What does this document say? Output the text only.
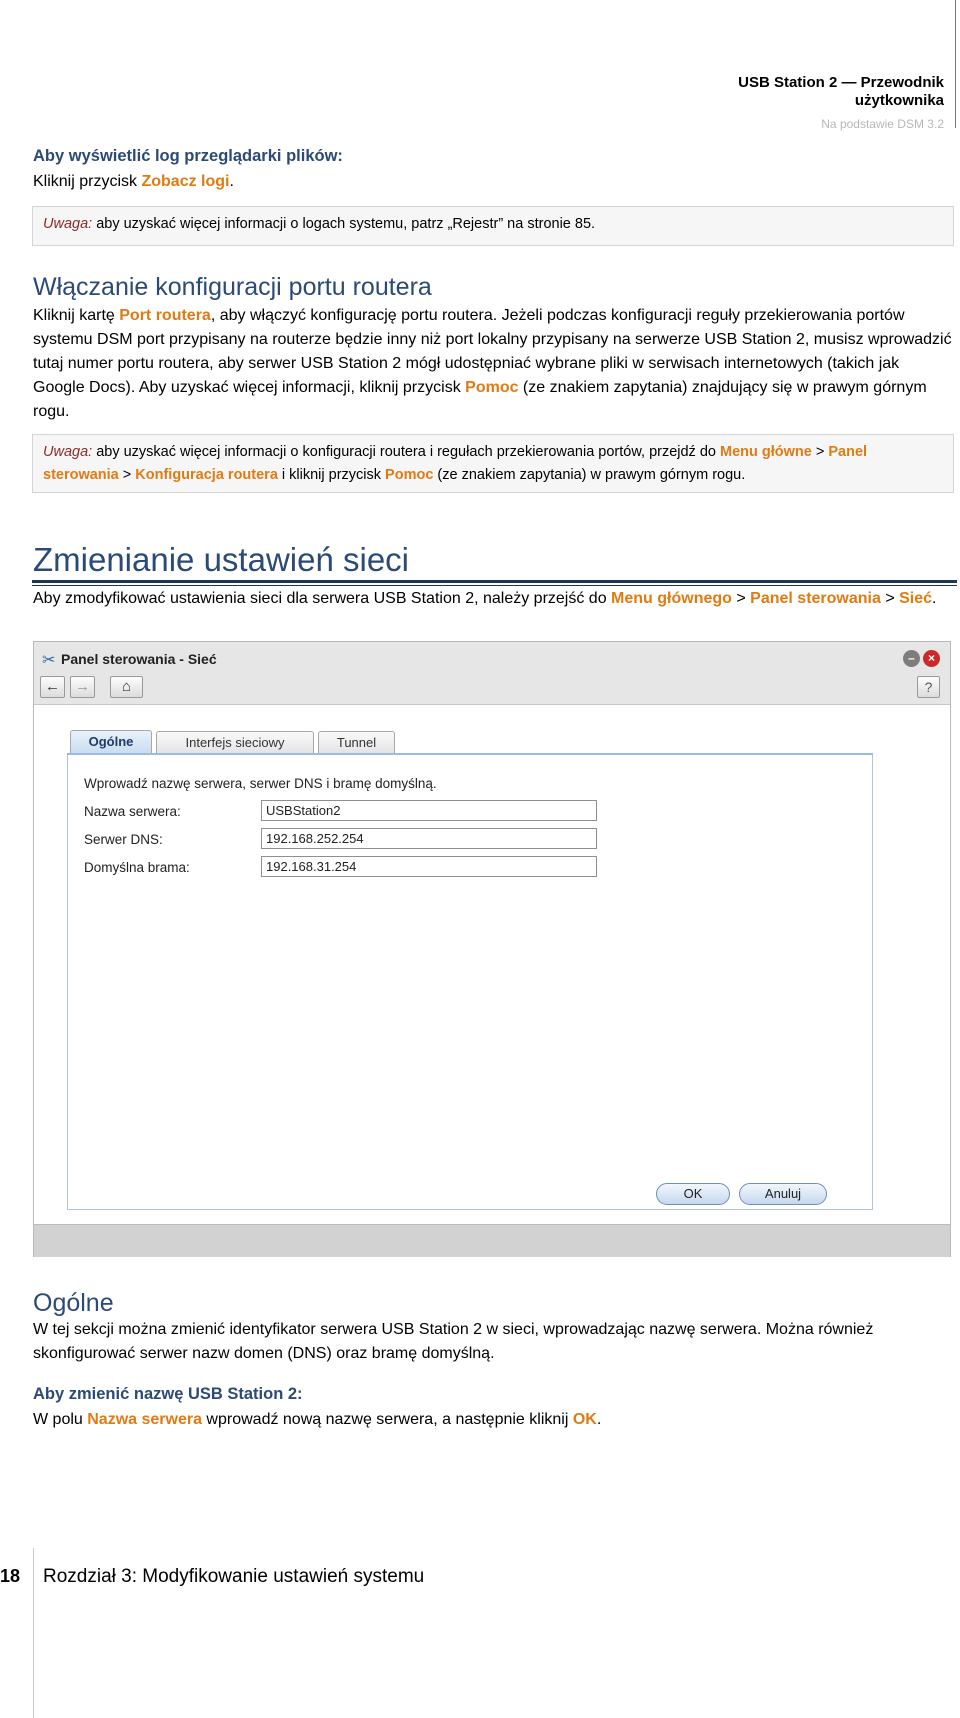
USB Station 2 — Przewodnik użytkownika
Na podstawie DSM 3.2
Aby wyświetlić log przeglądarki plików:
Kliknij przycisk Zobacz logi.
Uwaga: aby uzyskać więcej informacji o logach systemu, patrz „Rejestr” na stronie 85.
Włączanie konfiguracji portu routera
Kliknij kartę Port routera, aby włączyć konfigurację portu routera. Jeżeli podczas konfiguracji reguły przekierowania portów systemu DSM port przypisany na routerze będzie inny niż port lokalny przypisany na serwerze USB Station 2, musisz wprowadzić tutaj numer portu routera, aby serwer USB Station 2 mógł udostępniać wybrane pliki w serwisach internetowych (takich jak Google Docs). Aby uzyskać więcej informacji, kliknij przycisk Pomoc (ze znakiem zapytania) znajdujący się w prawym górnym rogu.
Uwaga: aby uzyskać więcej informacji o konfiguracji routera i regułach przekierowania portów, przejdź do Menu główne > Panel sterowania > Konfiguracja routera i kliknij przycisk Pomoc (ze znakiem zapytania) w prawym górnym rogu.
Zmienianie ustawień sieci
Aby zmodyfikować ustawienia sieci dla serwera USB Station 2, należy przejść do Menu głównego > Panel sterowania > Sieć.
✂ Panel sterowania - Sieć	–	×
←	→	⌂	?
Ogólne	Interfejs sieciowy	Tunnel
Wprowadź nazwę serwera, serwer DNS i bramę domyślną.
Nazwa serwera:	USBStation2
Serwer DNS:	192.168.252.254
Domyślna brama:	192.168.31.254
OK	Anuluj
Ogólne
W tej sekcji można zmienić identyfikator serwera USB Station 2 w sieci, wprowadzając nazwę serwera. Można również skonfigurować serwer nazw domen (DNS) oraz bramę domyślną.
Aby zmienić nazwę USB Station 2:
W polu Nazwa serwera wprowadź nową nazwę serwera, a następnie kliknij OK.
18 Rozdział 3: Modyfikowanie ustawień systemu
